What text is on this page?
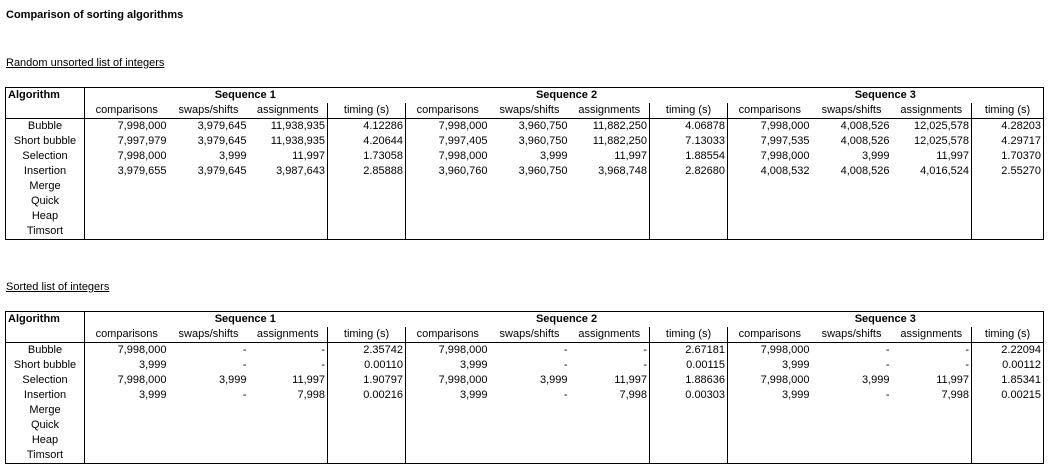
Comparison of sorting algorithms
Random unsorted list of integers
Algorithm	Sequence 1				Sequence 2				Sequence 3			
	comparisons	swaps/shifts	assignments	timing (s)	comparisons	swaps/shifts	assignments	timing (s)	comparisons	swaps/shifts	assignments	timing (s)
Bubble	7,998,000	3,979,645	11,938,935	4.12286	7,998,000	3,960,750	11,882,250	4.06878	7,998,000	4,008,526	12,025,578	4.28203
Short bubble	7,997,979	3,979,645	11,938,935	4.20644	7,997,405	3,960,750	11,882,250	7.13033	7,997,535	4,008,526	12,025,578	4.29717
Selection	7,998,000	3,999	11,997	1.73058	7,998,000	3,999	11,997	1.88554	7,998,000	3,999	11,997	1.70370
Insertion	3,979,655	3,979,645	3,987,643	2.85888	3,960,760	3,960,750	3,968,748	2.82680	4,008,532	4,008,526	4,016,524	2.55270
Merge												
Quick												
Heap												
Timsort												
Sorted list of integers
Algorithm	Sequence 1				Sequence 2				Sequence 3			
	comparisons	swaps/shifts	assignments	timing (s)	comparisons	swaps/shifts	assignments	timing (s)	comparisons	swaps/shifts	assignments	timing (s)
Bubble	7,998,000	-	-	2.35742	7,998,000	-	-	2.67181	7,998,000	-	-	2.22094
Short bubble	3,999	-	-	0.00110	3,999	-	-	0.00115	3,999	-	-	0.00112
Selection	7,998,000	3,999	11,997	1.90797	7,998,000	3,999	11,997	1.88636	7,998,000	3,999	11,997	1.85341
Insertion	3,999	-	7,998	0.00216	3,999	-	7,998	0.00303	3,999	-	7,998	0.00215
Merge												
Quick												
Heap												
Timsort												
